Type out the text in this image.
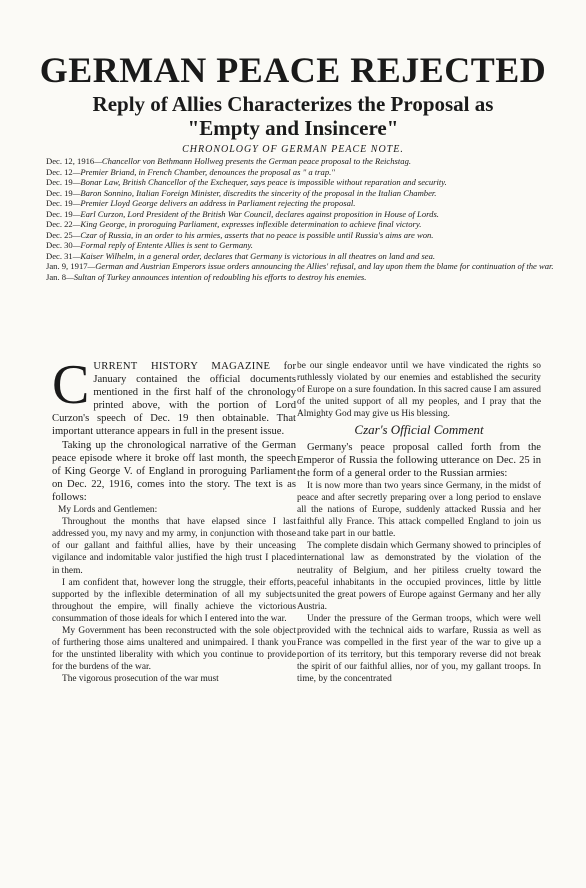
GERMAN PEACE REJECTED
Reply of Allies Characterizes the Proposal as "Empty and Insincere"
CHRONOLOGY OF GERMAN PEACE NOTE.
Dec. 12, 1916—Chancellor von Bethmann Hollweg presents the German peace proposal to the Reichstag.
Dec. 12—Premier Briand, in French Chamber, denounces the proposal as " a trap."
Dec. 19—Bonar Law, British Chancellor of the Exchequer, says peace is impossible without reparation and security.
Dec. 19—Baron Sonnino, Italian Foreign Minister, discredits the sincerity of the proposal in the Italian Chamber.
Dec. 19—Premier Lloyd George delivers an address in Parliament rejecting the proposal.
Dec. 19—Earl Curzon, Lord President of the British War Council, declares against proposition in House of Lords.
Dec. 22—King George, in proroguing Parliament, expresses inflexible determination to achieve final victory.
Dec. 25—Czar of Russia, in an order to his armies, asserts that no peace is possible until Russia's aims are won.
Dec. 30—Formal reply of Entente Allies is sent to Germany.
Dec. 31—Kaiser Wilhelm, in a general order, declares that Germany is victorious in all theatres on land and sea.
Jan. 9, 1917—German and Austrian Emperors issue orders announcing the Allies' refusal, and lay upon them the blame for continuation of the war.
Jan. 8—Sultan of Turkey announces intention of redoubling his efforts to destroy his enemies.

CURRENT HISTORY MAGAZINE for January contained the official documents mentioned in the first half of the chronology printed above, with the portion of Lord Curzon's speech of Dec. 19 then obtainable. That important utterance appears in full in the present issue.

Taking up the chronological narrative of the German peace episode where it broke off last month, the speech of King George V. of England in proroguing Parliament on Dec. 22, 1916, comes into the story. The text is as follows:

My Lords and Gentlemen:

Throughout the months that have elapsed since I last addressed you, my navy and my army, in conjunction with those of our gallant and faithful allies, have by their unceasing vigilance and indomitable valor justified the high trust I placed in them.

I am confident that, however long the struggle, their efforts, supported by the inflexible determination of all my subjects throughout the empire, will finally achieve the victorious consummation of those ideals for which I entered into the war.

My Government has been reconstructed with the sole object of furthering those aims unaltered and unimpaired. I thank you for the unstinted liberality with which you continue to provide for the burdens of the war.

The vigorous prosecution of the war must

be our single endeavor until we have vindicated the rights so ruthlessly violated by our enemies and established the security of Europe on a sure foundation. In this sacred cause I am assured of the united support of all my peoples, and I pray that the Almighty God may give us His blessing.

Czar's Official Comment

Germany's peace proposal called forth from the Emperor of Russia the following utterance on Dec. 25 in the form of a general order to the Russian armies:

It is now more than two years since Germany, in the midst of peace and after secretly preparing over a long period to enslave all the nations of Europe, suddenly attacked Russia and her faithful ally France. This attack compelled England to join us and take part in our battle.

The complete disdain which Germany showed to principles of international law as demonstrated by the violation of the neutrality of Belgium, and her pitiless cruelty toward the peaceful inhabitants in the occupied provinces, little by little united the great powers of Europe against Germany and her ally Austria.

Under the pressure of the German troops, which were well provided with the technical aids to warfare, Russia as well as France was compelled in the first year of the war to give up a portion of its territory, but this temporary reverse did not break the spirit of our faithful allies, nor of you, my gallant troops. In time, by the concentrated
